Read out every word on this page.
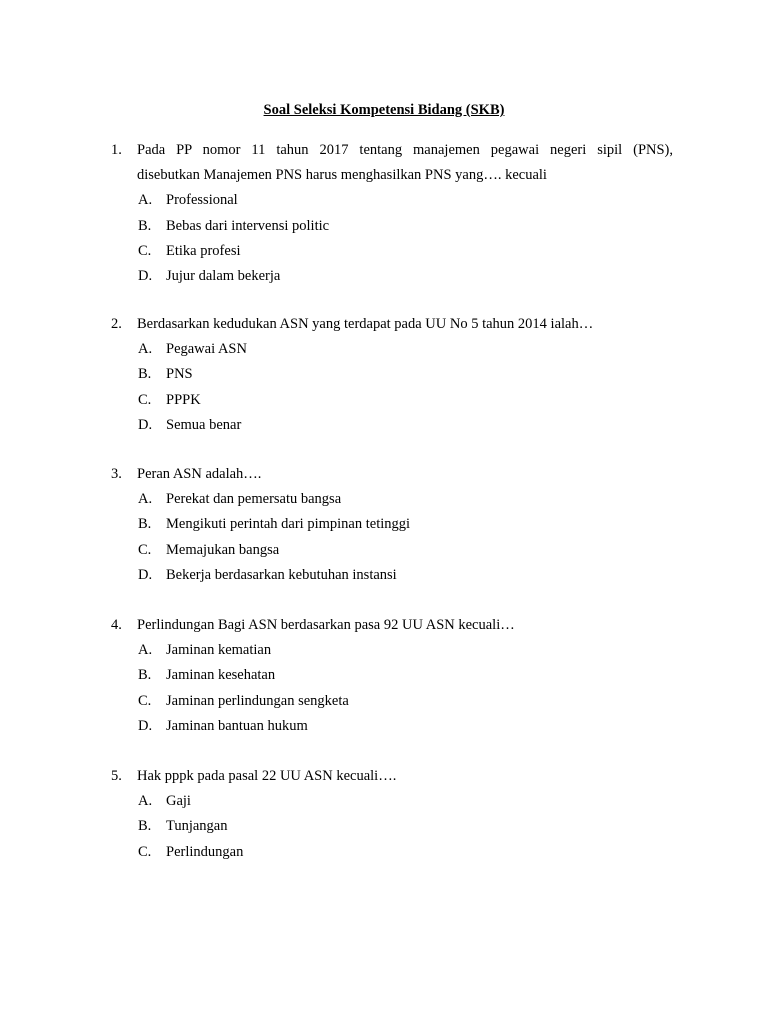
Soal Seleksi Kompetensi Bidang (SKB)
1. Pada PP nomor 11 tahun 2017 tentang manajemen pegawai negeri sipil (PNS),
disebutkan Manajemen PNS harus menghasilkan PNS yang…. kecuali
A. Professional
B. Bebas dari intervensi politic
C. Etika profesi
D. Jujur dalam bekerja
2. Berdasarkan kedudukan ASN yang terdapat pada UU No 5 tahun 2014 ialah…
A. Pegawai ASN
B. PNS
C. PPPK
D. Semua benar
3. Peran ASN adalah….
A. Perekat dan pemersatu bangsa
B. Mengikuti perintah dari pimpinan tetinggi
C. Memajukan bangsa
D. Bekerja berdasarkan kebutuhan instansi
4. Perlindungan Bagi ASN berdasarkan pasa 92 UU ASN kecuali…
A. Jaminan kematian
B. Jaminan kesehatan
C. Jaminan perlindungan sengketa
D. Jaminan bantuan hukum
5. Hak pppk pada pasal 22 UU ASN kecuali….
A. Gaji
B. Tunjangan
C. Perlindungan
